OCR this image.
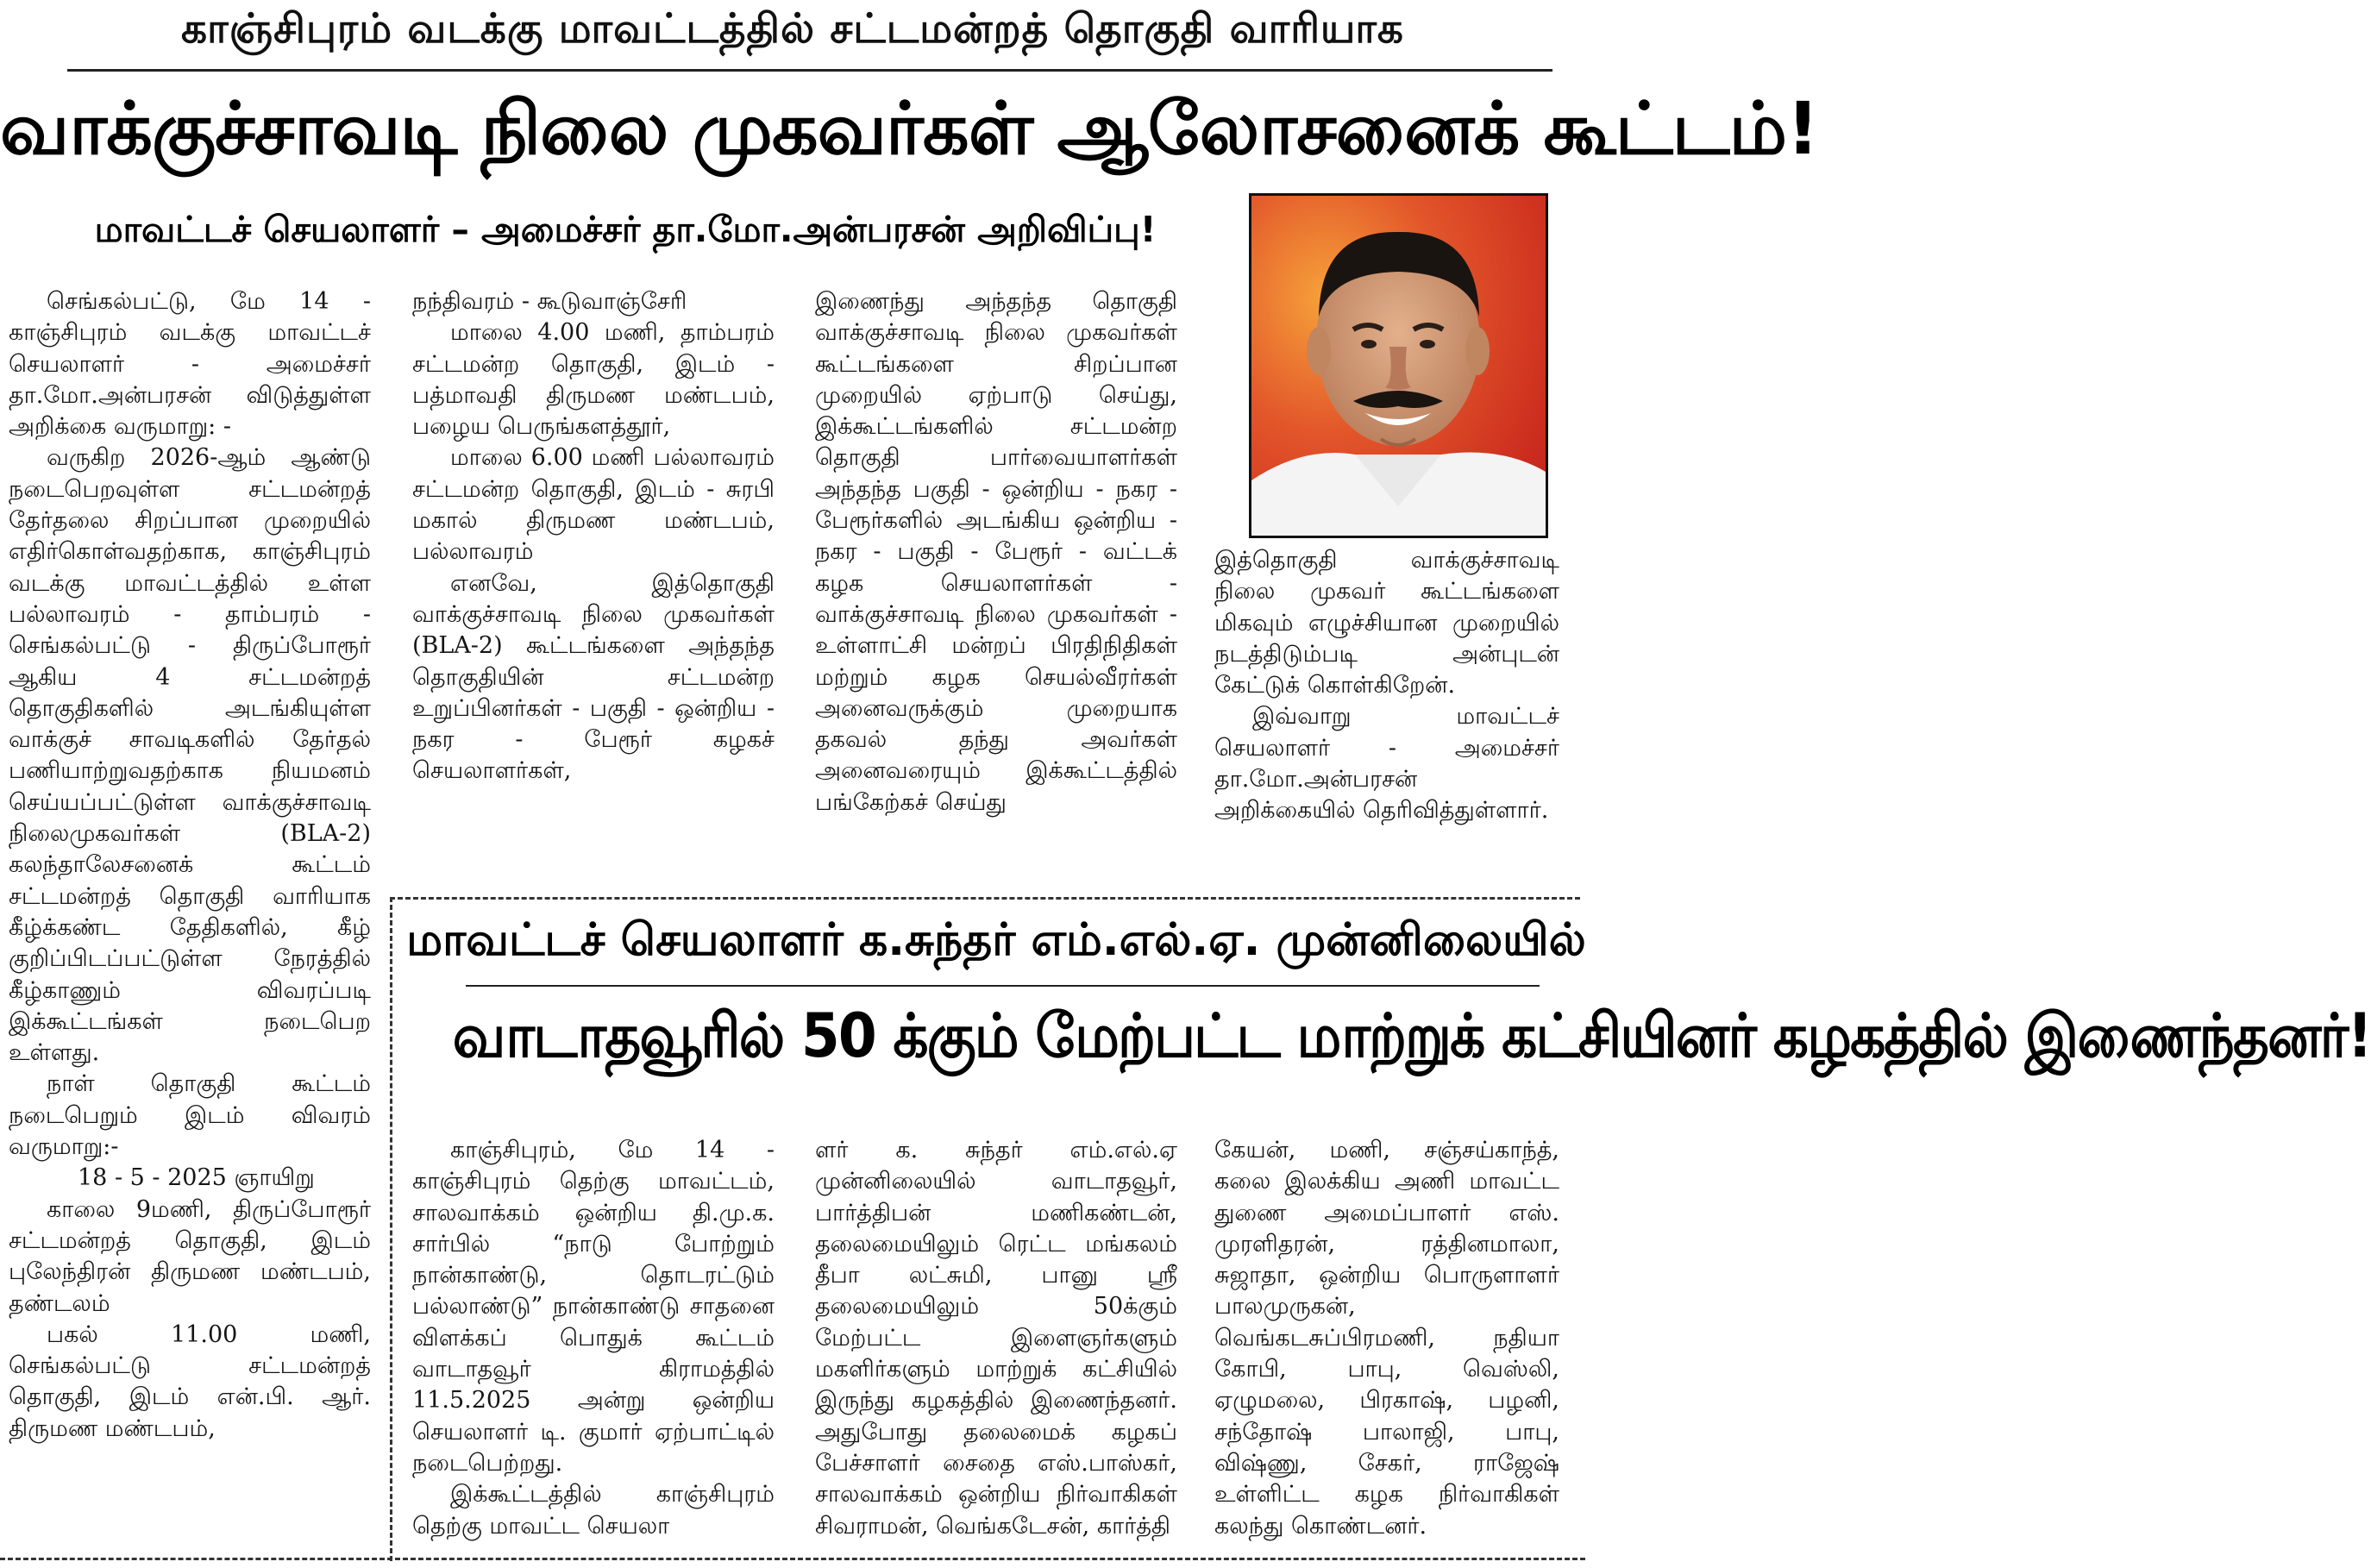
காஞ்சிபுரம் வடக்கு மாவட்டத்தில் சட்டமன்றத் தொகுதி வாரியாக
வாக்குச்சாவடி நிலை முகவர்கள் ஆலோசனைக் கூட்டம்!
மாவட்டச் செயலாளர் – அமைச்சர் தா.மோ.அன்பரசன் அறிவிப்பு!

செங்கல்பட்டு, மே 14 - காஞ்சிபுரம் வடக்கு மாவட்டச் செயலாளர் - அமைச்சர் தா.மோ.அன்பரசன் விடுத்துள்ள அறிக்கை வருமாறு: -

வருகிற 2026-ஆம் ஆண்டு நடைபெறவுள்ள சட்டமன்றத் தேர்தலை சிறப்பான முறையில் எதிர்கொள்வதற்காக, காஞ்சிபுரம் வடக்கு மாவட்டத்தில் உள்ள பல்லாவரம் - தாம்பரம் - செங்கல்பட்டு - திருப்போரூர் ஆகிய 4 சட்டமன்றத் தொகுதிகளில் அடங்கியுள்ள வாக்குச் சாவடிகளில் தேர்தல் பணியாற்றுவதற்காக நியமனம் செய்யப்பட்டுள்ள வாக்குச்சாவடி நிலைமுகவர்கள் (BLA-2) கலந்தாலேசனைக் கூட்டம் சட்டமன்றத் தொகுதி வாரியாக கீழ்க்கண்ட தேதிகளில், கீழ் குறிப்பிடப்பட்டுள்ள நேரத்தில் கீழ்காணும் விவரப்படி இக்கூட்டங்கள் நடைபெற உள்ளது.

நாள் தொகுதி கூட்டம் நடைபெறும் இடம் விவரம் வருமாறு:-

18 - 5 - 2025 ஞாயிறு

காலை 9மணி, திருப்போரூர் சட்டமன்றத் தொகுதி, இடம் புலேந்திரன் திருமண மண்டபம், தண்டலம்

பகல் 11.00 மணி, செங்கல்பட்டு சட்டமன்றத் தொகுதி, இடம் என்.பி. ஆர். திருமண மண்டபம்,

நந்திவரம் - கூடுவாஞ்சேரி

மாலை 4.00 மணி, தாம்பரம் சட்டமன்ற தொகுதி, இடம் - பத்மாவதி திருமண மண்டபம், பழைய பெருங்களத்தூர்,

மாலை 6.00 மணி பல்லாவரம் சட்டமன்ற தொகுதி, இடம் - சுரபி மகால் திருமண மண்டபம், பல்லாவரம்

எனவே, இத்தொகுதி வாக்குச்சாவடி நிலை முகவர்கள் (BLA-2) கூட்டங்களை அந்தந்த தொகுதியின் சட்டமன்ற உறுப்பினர்கள் - பகுதி - ஒன்றிய - நகர - பேரூர் கழகச் செயலாளர்கள்,

இணைந்து அந்தந்த தொகுதி வாக்குச்சாவடி நிலை முகவர்கள் கூட்டங்களை சிறப்பான முறையில் ஏற்பாடு செய்து, இக்கூட்டங்களில் சட்டமன்ற தொகுதி பார்வையாளர்கள் அந்தந்த பகுதி - ஒன்றிய - நகர - பேரூர்களில் அடங்கிய ஒன்றிய - நகர - பகுதி - பேரூர் - வட்டக் கழக செயலாளர்கள் - வாக்குச்சாவடி நிலை முகவர்கள் - உள்ளாட்சி மன்றப் பிரதிநிதிகள் மற்றும் கழக செயல்வீரர்கள் அனைவருக்கும் முறையாக தகவல் தந்து அவர்கள் அனைவரையும் இக்கூட்டத்தில் பங்கேற்கச் செய்து

இத்தொகுதி வாக்குச்சாவடி நிலை முகவர் கூட்டங்களை மிகவும் எழுச்சியான முறையில் நடத்திடும்படி அன்புடன் கேட்டுக் கொள்கிறேன்.

இவ்வாறு மாவட்டச் செயலாளர் - அமைச்சர் தா.மோ.அன்பரசன் அறிக்கையில் தெரிவித்துள்ளார்.

மாவட்டச் செயலாளர் க.சுந்தர் எம்.எல்.ஏ. முன்னிலையில்
வாடாதவூரில் 50 க்கும் மேற்பட்ட மாற்றுக் கட்சியினர் கழகத்தில் இணைந்தனர்!

காஞ்சிபுரம், மே 14 - காஞ்சிபுரம் தெற்கு மாவட்டம், சாலவாக்கம் ஒன்றிய தி.மு.க. சார்பில் “நாடு போற்றும் நான்காண்டு, தொடரட்டும் பல்லாண்டு” நான்காண்டு சாதனை விளக்கப் பொதுக் கூட்டம் வாடாதவூர் கிராமத்தில் 11.5.2025 அன்று ஒன்றிய செயலாளர் டி. குமார் ஏற்பாட்டில் நடைபெற்றது.

இக்கூட்டத்தில் காஞ்சிபுரம் தெற்கு மாவட்ட செயலா

ளர் க. சுந்தர் எம்.எல்.ஏ முன்னிலையில் வாடாதவூர், பார்த்திபன் மணிகண்டன், தலைமையிலும் ரெட்ட மங்கலம் தீபா லட்சுமி, பானு ஸ்ரீ தலைமையிலும் 50க்கும் மேற்பட்ட இளைஞர்களும் மகளிர்களும் மாற்றுக் கட்சியில் இருந்து கழகத்தில் இணைந்தனர். அதுபோது தலைமைக் கழகப் பேச்சாளர் சைதை எஸ்.பாஸ்கர், சாலவாக்கம் ஒன்றிய நிர்வாகிகள் சிவராமன், வெங்கடேசன், கார்த்தி

கேயன், மணி, சஞ்சய்காந்த், கலை இலக்கிய அணி மாவட்ட துணை அமைப்பாளர் எஸ். முரளிதரன், ரத்தினமாலா, சுஜாதா, ஒன்றிய பொருளாளர் பாலமுருகன், வெங்கடசுப்பிரமணி, நதியா கோபி, பாபு, வெஸ்லி, ஏழுமலை, பிரகாஷ், பழனி, சந்தோஷ் பாலாஜி, பாபு, விஷ்ணு, சேகர், ராஜேஷ் உள்ளிட்ட கழக நிர்வாகிகள் கலந்து கொண்டனர்.
